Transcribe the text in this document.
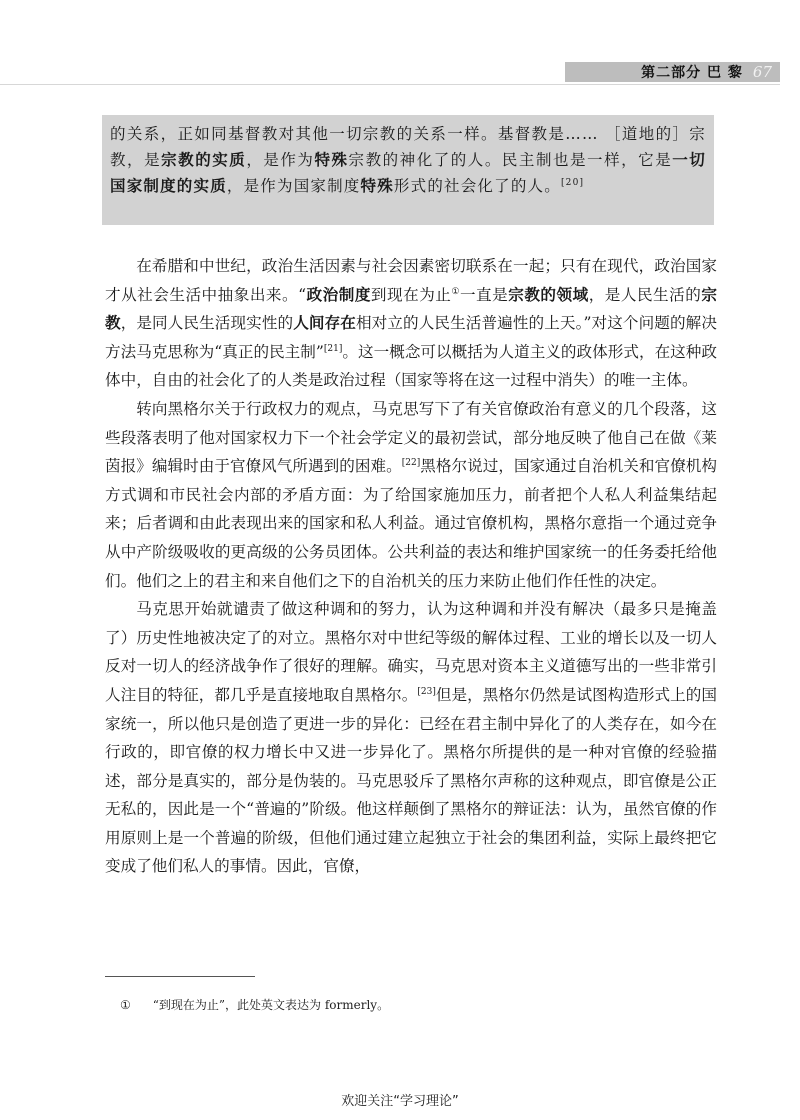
第二部分 巴 黎 67

的关系，正如同基督教对其他一切宗教的关系一样。基督教是…… ［道地的］宗教，是宗教的实质，是作为特殊宗教的神化了的人。民主制也是一样，它是一切国家制度的实质，是作为国家制度特殊形式的社会化了的人。[20]

在希腊和中世纪，政治生活因素与社会因素密切联系在一起；只有在现代，政治国家才从社会生活中抽象出来。“政治制度到现在为止①一直是宗教的领域，是人民生活的宗教，是同人民生活现实性的人间存在相对立的人民生活普遍性的上天。”对这个问题的解决方法马克思称为“真正的民主制”[21]。这一概念可以概括为人道主义的政体形式，在这种政体中，自由的社会化了的人类是政治过程（国家等将在这一过程中消失）的唯一主体。

转向黑格尔关于行政权力的观点，马克思写下了有关官僚政治有意义的几个段落，这些段落表明了他对国家权力下一个社会学定义的最初尝试，部分地反映了他自己在做《莱茵报》编辑时由于官僚风气所遇到的困难。[22]黑格尔说过，国家通过自治机关和官僚机构方式调和市民社会内部的矛盾方面：为了给国家施加压力，前者把个人私人利益集结起来；后者调和由此表现出来的国家和私人利益。通过官僚机构，黑格尔意指一个通过竞争从中产阶级吸收的更高级的公务员团体。公共利益的表达和维护国家统一的任务委托给他们。他们之上的君主和来自他们之下的自治机关的压力来防止他们作任性的决定。

马克思开始就谴责了做这种调和的努力，认为这种调和并没有解决（最多只是掩盖了）历史性地被决定了的对立。黑格尔对中世纪等级的解体过程、工业的增长以及一切人反对一切人的经济战争作了很好的理解。确实，马克思对资本主义道德写出的一些非常引人注目的特征，都几乎是直接地取自黑格尔。[23]但是，黑格尔仍然是试图构造形式上的国家统一，所以他只是创造了更进一步的异化：已经在君主制中异化了的人类存在，如今在行政的，即官僚的权力增长中又进一步异化了。黑格尔所提供的是一种对官僚的经验描述，部分是真实的，部分是伪装的。马克思驳斥了黑格尔声称的这种观点，即官僚是公正无私的，因此是一个“普遍的”阶级。他这样颠倒了黑格尔的辩证法：认为，虽然官僚的作用原则上是一个普遍的阶级，但他们通过建立起独立于社会的集团利益，实际上最终把它变成了他们私人的事情。因此，官僚，

① “到现在为止”，此处英文表达为 formerly。
欢迎关注“学习理论”
